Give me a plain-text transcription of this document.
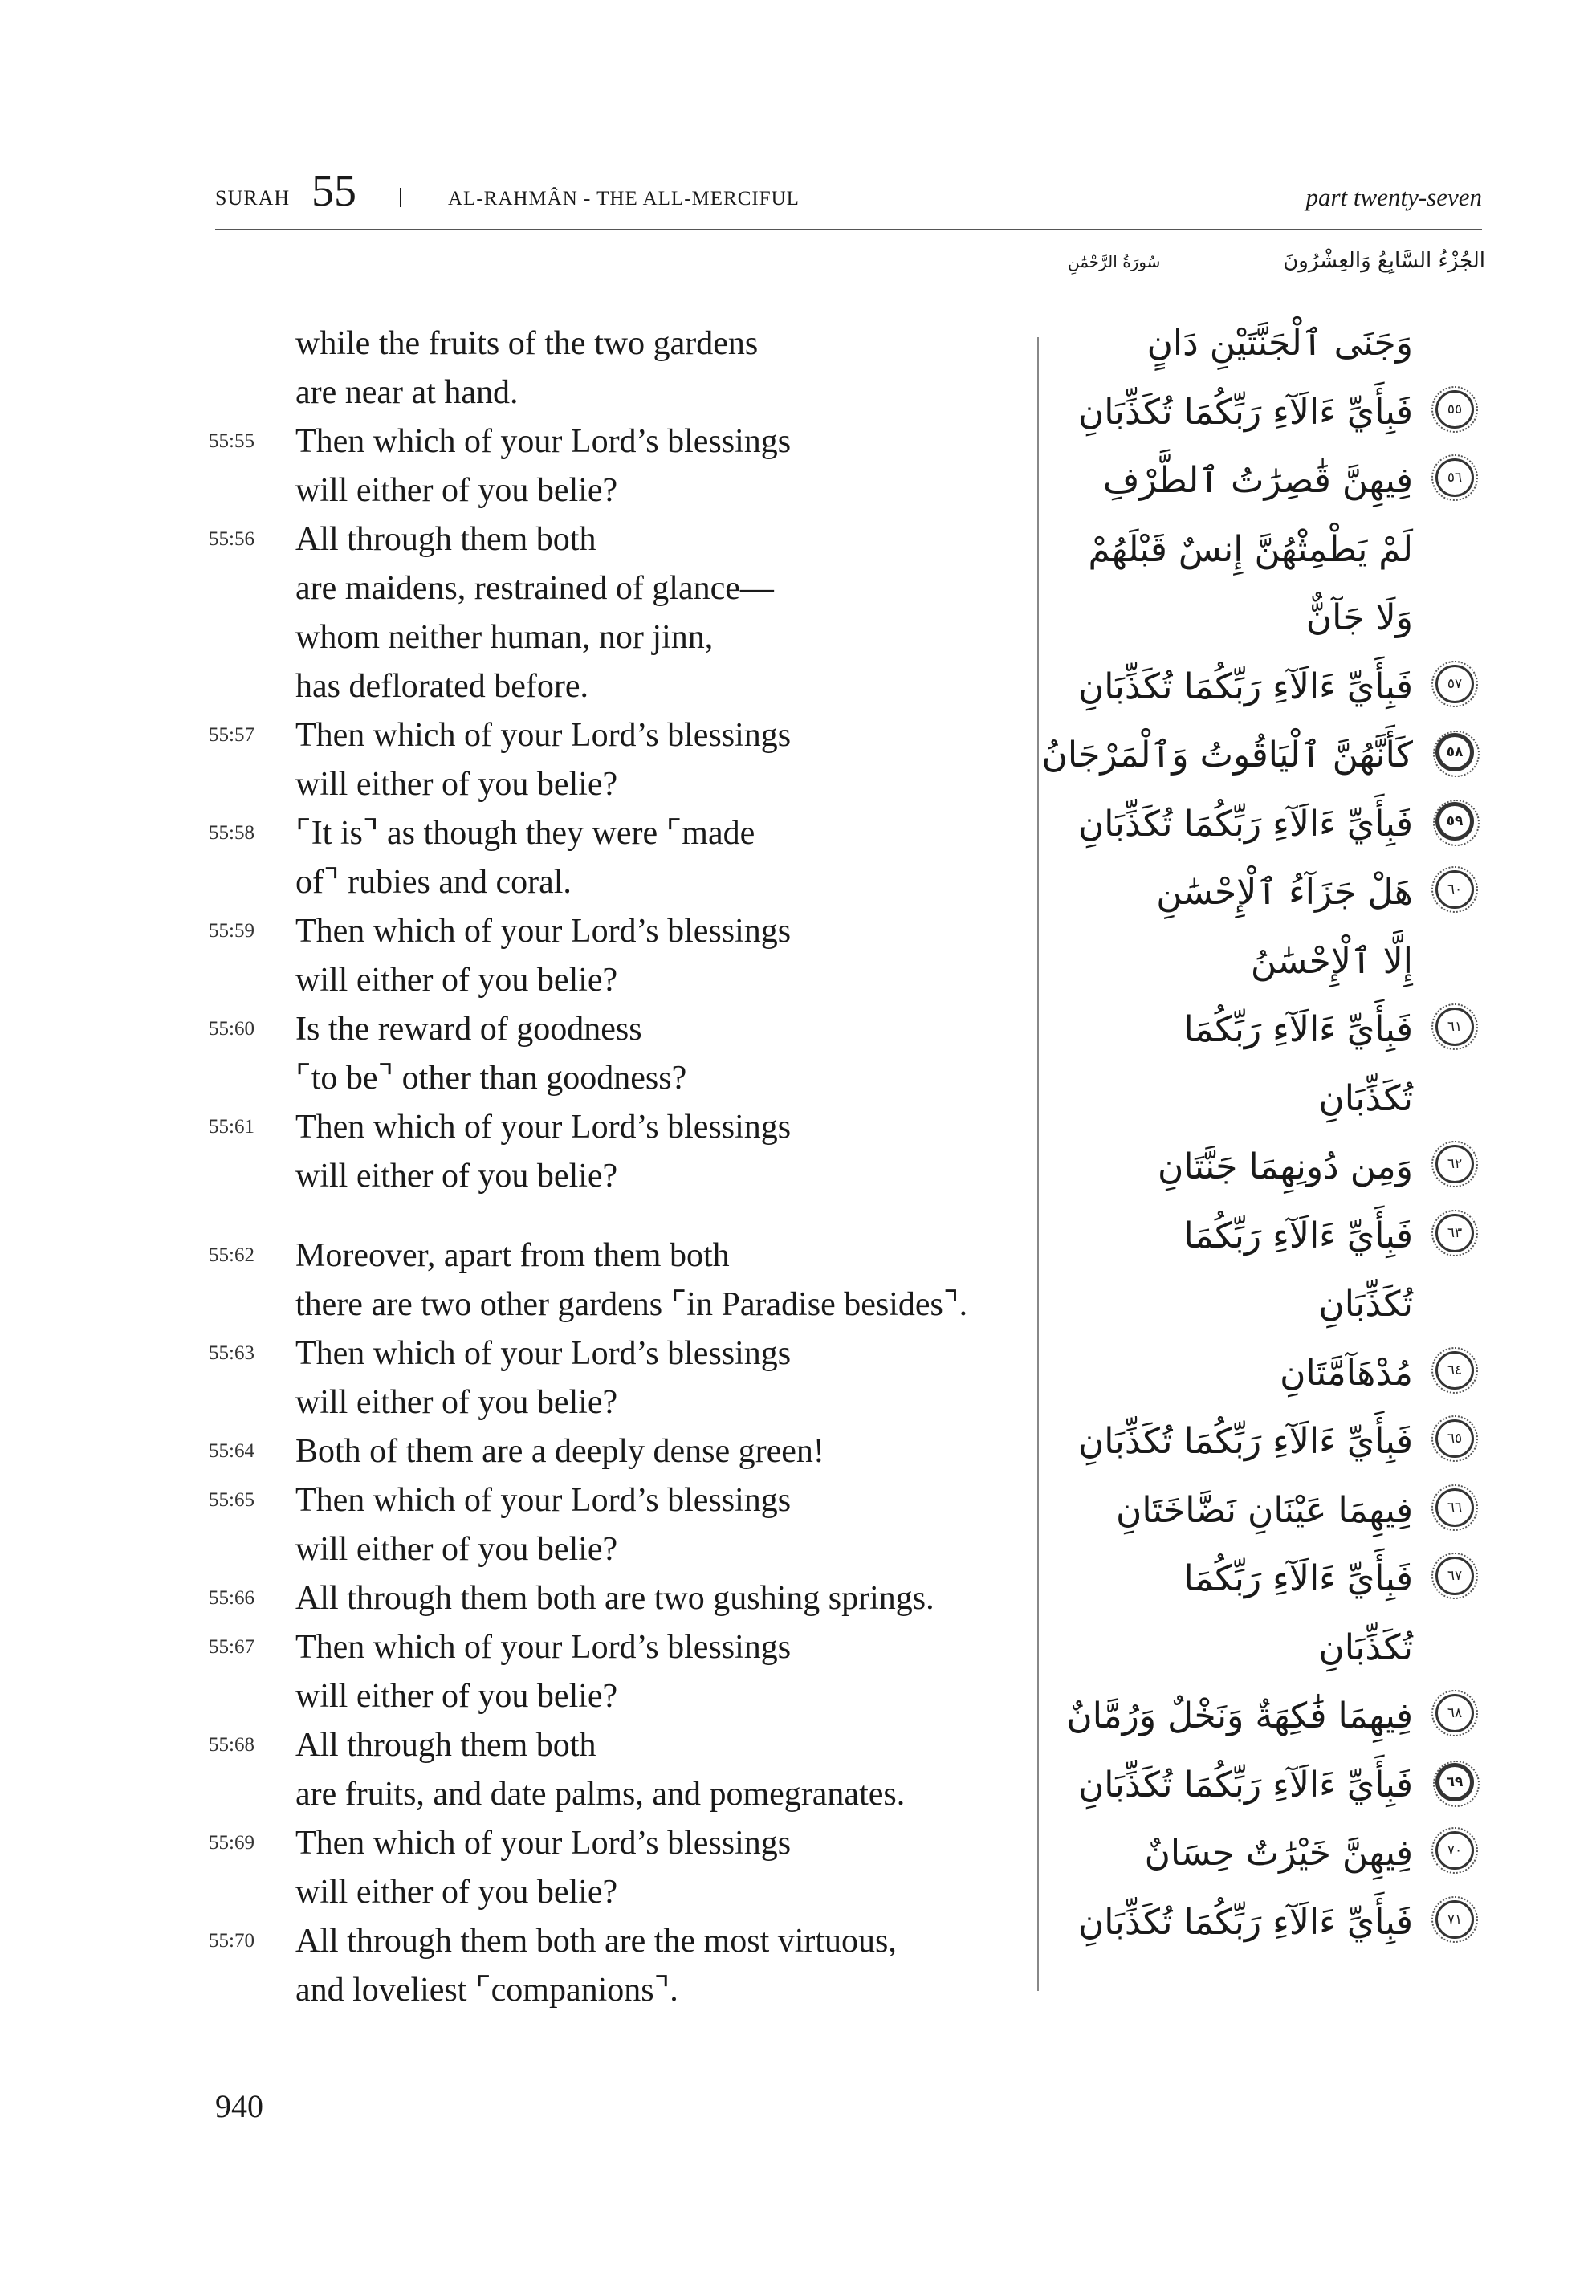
SURAH 55	AL-RAHMÂN - THE ALL-MERCIFUL	part twenty-seven
الجُزْءُ السَّابِعُ وَالعِشْرُونَ
سُورَةُ الرَّحْمَٰنِ
while the fruits of the two gardens
are near at hand.
55:55 Then which of your Lord’s blessings
will either of you belie?
55:56 All through them both
are maidens, restrained of glance—
whom neither human, nor jinn,
has deflorated before.
55:57 Then which of your Lord’s blessings
will either of you belie?
55:58 ⌜It is⌝ as though they were ⌜made
of⌝ rubies and coral.
55:59 Then which of your Lord’s blessings
will either of you belie?
55:60 Is the reward of goodness
⌜to be⌝ other than goodness?
55:61 Then which of your Lord’s blessings
will either of you belie?
55:62 Moreover, apart from them both
there are two other gardens ⌜in Paradise besides⌝.
55:63 Then which of your Lord’s blessings
will either of you belie?
55:64 Both of them are a deeply dense green!
55:65 Then which of your Lord’s blessings
will either of you belie?
55:66 All through them both are two gushing springs.
55:67 Then which of your Lord’s blessings
will either of you belie?
55:68 All through them both
are fruits, and date palms, and pomegranates.
55:69 Then which of your Lord’s blessings
will either of you belie?
55:70 All through them both are the most virtuous,
and loveliest ⌜companions⌝.
وَجَنَى ٱلْجَنَّتَيْنِ دَانٍ
فَبِأَيِّ ءَالَآءِ رَبِّكُمَا تُكَذِّبَانِ	٥٥
فِيهِنَّ قَٰصِرَٰتُ ٱلطَّرْفِ	٥٦
لَمْ يَطْمِثْهُنَّ إِنسٌ قَبْلَهُمْ
وَلَا جَآنٌّ
فَبِأَيِّ ءَالَآءِ رَبِّكُمَا تُكَذِّبَانِ	٥٧
كَأَنَّهُنَّ ٱلْيَاقُوتُ وَٱلْمَرْجَانُ	٥٨
فَبِأَيِّ ءَالَآءِ رَبِّكُمَا تُكَذِّبَانِ	٥٩
هَلْ جَزَآءُ ٱلْإِحْسَٰنِ	٦٠
إِلَّا ٱلْإِحْسَٰنُ
فَبِأَيِّ ءَالَآءِ رَبِّكُمَا	٦١
تُكَذِّبَانِ
وَمِن دُونِهِمَا جَنَّتَانِ	٦٢
فَبِأَيِّ ءَالَآءِ رَبِّكُمَا	٦٣
تُكَذِّبَانِ
مُدْهَآمَّتَانِ	٦٤
فَبِأَيِّ ءَالَآءِ رَبِّكُمَا تُكَذِّبَانِ	٦٥
فِيهِمَا عَيْنَانِ نَضَّاخَتَانِ	٦٦
فَبِأَيِّ ءَالَآءِ رَبِّكُمَا	٦٧
تُكَذِّبَانِ
فِيهِمَا فَٰكِهَةٌ وَنَخْلٌ وَرُمَّانٌ	٦٨
فَبِأَيِّ ءَالَآءِ رَبِّكُمَا تُكَذِّبَانِ	٦٩
فِيهِنَّ خَيْرَٰتٌ حِسَانٌ	٧٠
فَبِأَيِّ ءَالَآءِ رَبِّكُمَا تُكَذِّبَانِ	٧١
940
